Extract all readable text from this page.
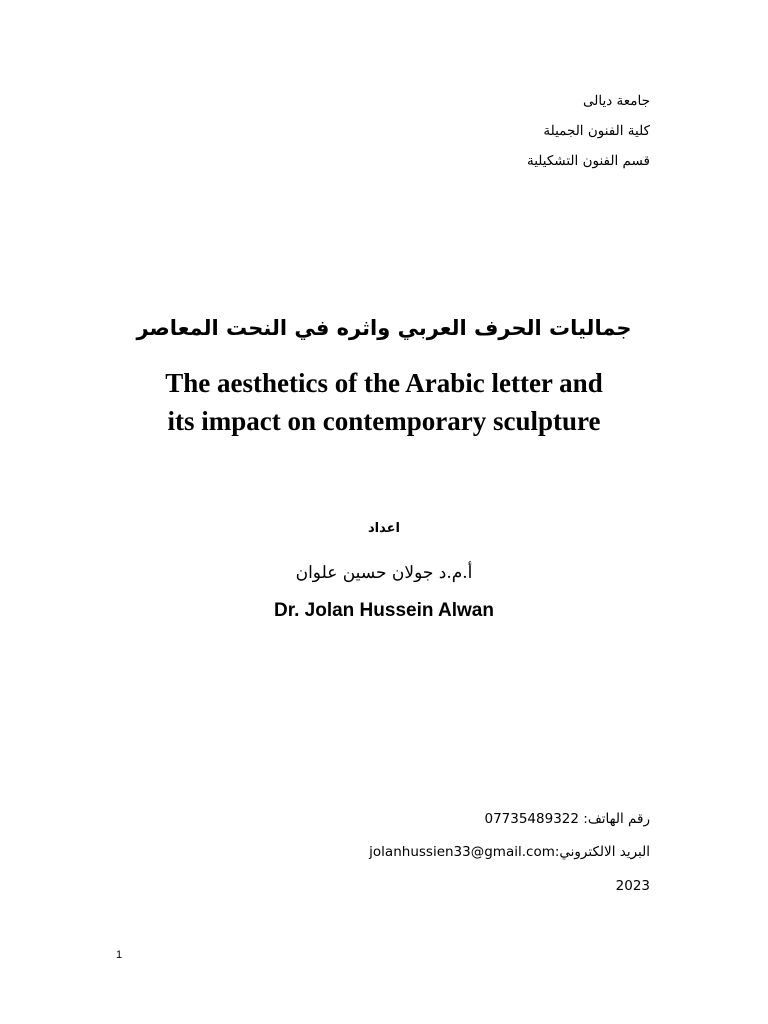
جامعة ديالى
كلية الفنون الجميلة
قسم الفنون التشكيلية
جماليات الحرف العربي واثره في النحت المعاصر
The aesthetics of the Arabic letter and
its impact on contemporary sculpture
اعداد
أ.م.د جولان حسين علوان
Dr. Jolan Hussein Alwan
رقم الهاتف: 07735489322
البريد الالكتروني:jolanhussien33@gmail.com
2023
1
